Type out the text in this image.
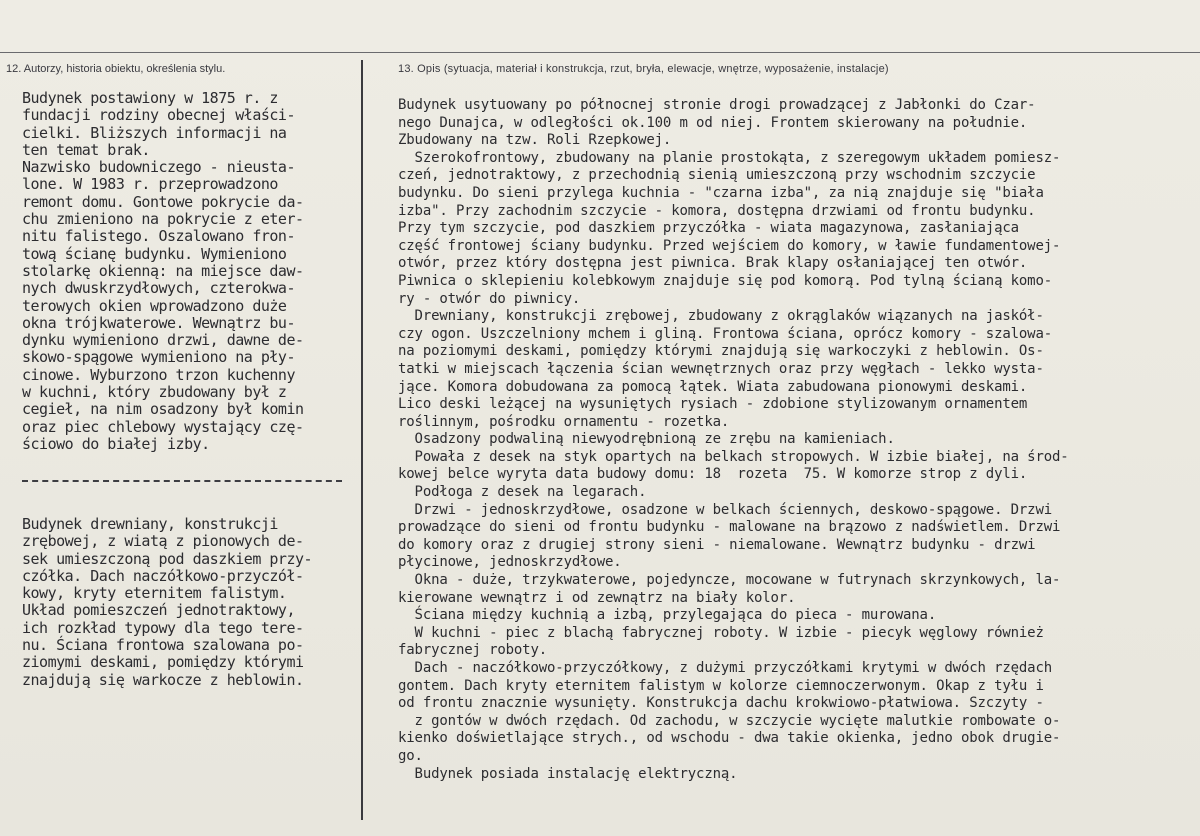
12. Autorzy, historia obiektu, określenia stylu.	13. Opis (sytuacja, materiał i konstrukcja, rzut, bryła, elewacje, wnętrze, wyposażenie, instalacje)
Budynek postawiony w 1875 r. z
fundacji rodziny obecnej właści-
cielki. Bliższych informacji na
ten temat brak.
Nazwisko budowniczego - nieusta-
lone. W 1983 r. przeprowadzono
remont domu. Gontowe pokrycie da-
chu zmieniono na pokrycie z eter-
nitu falistego. Oszalowano fron-
tową ścianę budynku. Wymieniono
stolarkę okienną: na miejsce daw-
nych dwuskrzydłowych, czterokwa-
terowych okien wprowadzono duże
okna trójkwaterowe. Wewnątrz bu-
dynku wymieniono drzwi, dawne de-
skowo-spągowe wymieniono na pły-
cinowe. Wyburzono trzon kuchenny
w kuchni, który zbudowany był z
cegieł, na nim osadzony był komin
oraz piec chlebowy wystający czę-
ściowo do białej izby.
Budynek drewniany, konstrukcji
zrębowej, z wiatą z pionowych de-
sek umieszczoną pod daszkiem przy-
czółka. Dach naczółkowo-przyczół-
kowy, kryty eternitem falistym.
Układ pomieszczeń jednotraktowy,
ich rozkład typowy dla tego tere-
nu. Ściana frontowa szalowana po-
ziomymi deskami, pomiędzy którymi
znajdują się warkocze z heblowin.
Budynek usytuowany po północnej stronie drogi prowadzącej z Jabłonki do Czar-
nego Dunajca, w odległości ok.100 m od niej. Frontem skierowany na południe.
Zbudowany na tzw. Roli Rzepkowej.
Szerokofrontowy, zbudowany na planie prostokąta, z szeregowym układem pomiesz-
czeń, jednotraktowy, z przechodnią sienią umieszczoną przy wschodnim szczycie
budynku. Do sieni przylega kuchnia - "czarna izba", za nią znajduje się "biała
izba". Przy zachodnim szczycie - komora, dostępna drzwiami od frontu budynku.
Przy tym szczycie, pod daszkiem przyczółka - wiata magazynowa, zasłaniająca
część frontowej ściany budynku. Przed wejściem do komory, w ławie fundamentowej-
otwór, przez który dostępna jest piwnica. Brak klapy osłaniającej ten otwór.
Piwnica o sklepieniu kolebkowym znajduje się pod komorą. Pod tylną ścianą komo-
ry - otwór do piwnicy.
Drewniany, konstrukcji zrębowej, zbudowany z okrąglaków wiązanych na jaskół-
czy ogon. Uszczelniony mchem i gliną. Frontowa ściana, oprócz komory - szalowa-
na poziomymi deskami, pomiędzy którymi znajdują się warkoczyki z heblowin. Os-
tatki w miejscach łączenia ścian wewnętrznych oraz przy węgłach - lekko wysta-
jące. Komora dobudowana za pomocą łątek. Wiata zabudowana pionowymi deskami.
Lico deski leżącej na wysuniętych rysiach - zdobione stylizowanym ornamentem
roślinnym, pośrodku ornamentu - rozetka.
Osadzony podwaliną niewyodrębnioną ze zrębu na kamieniach.
Powała z desek na styk opartych na belkach stropowych. W izbie białej, na środ-
kowej belce wyryta data budowy domu: 18  rozeta  75. W komorze strop z dyli.
Podłoga z desek na legarach.
Drzwi - jednoskrzydłowe, osadzone w belkach ściennych, deskowo-spągowe. Drzwi
prowadzące do sieni od frontu budynku - malowane na brązowo z nadświetlem. Drzwi
do komory oraz z drugiej strony sieni - niemalowane. Wewnątrz budynku - drzwi
płycinowe, jednoskrzydłowe.
Okna - duże, trzykwaterowe, pojedyncze, mocowane w futrynach skrzynkowych, la-
kierowane wewnątrz i od zewnątrz na biały kolor.
Ściana między kuchnią a izbą, przylegająca do pieca - murowana.
W kuchni - piec z blachą fabrycznej roboty. W izbie - piecyk węglowy również
fabrycznej roboty.
Dach - naczółkowo-przyczółkowy, z dużymi przyczółkami krytymi w dwóch rzędach
gontem. Dach kryty eternitem falistym w kolorze ciemnoczerwonym. Okap z tyłu i
od frontu znacznie wysunięty. Konstrukcja dachu krokwiowo-płatwiowa. Szczyty -
z gontów w dwóch rzędach. Od zachodu, w szczycie wycięte malutkie rombowate o-
kienko doświetlające strych., od wschodu - dwa takie okienka, jedno obok drugie-
go.
Budynek posiada instalację elektryczną.
